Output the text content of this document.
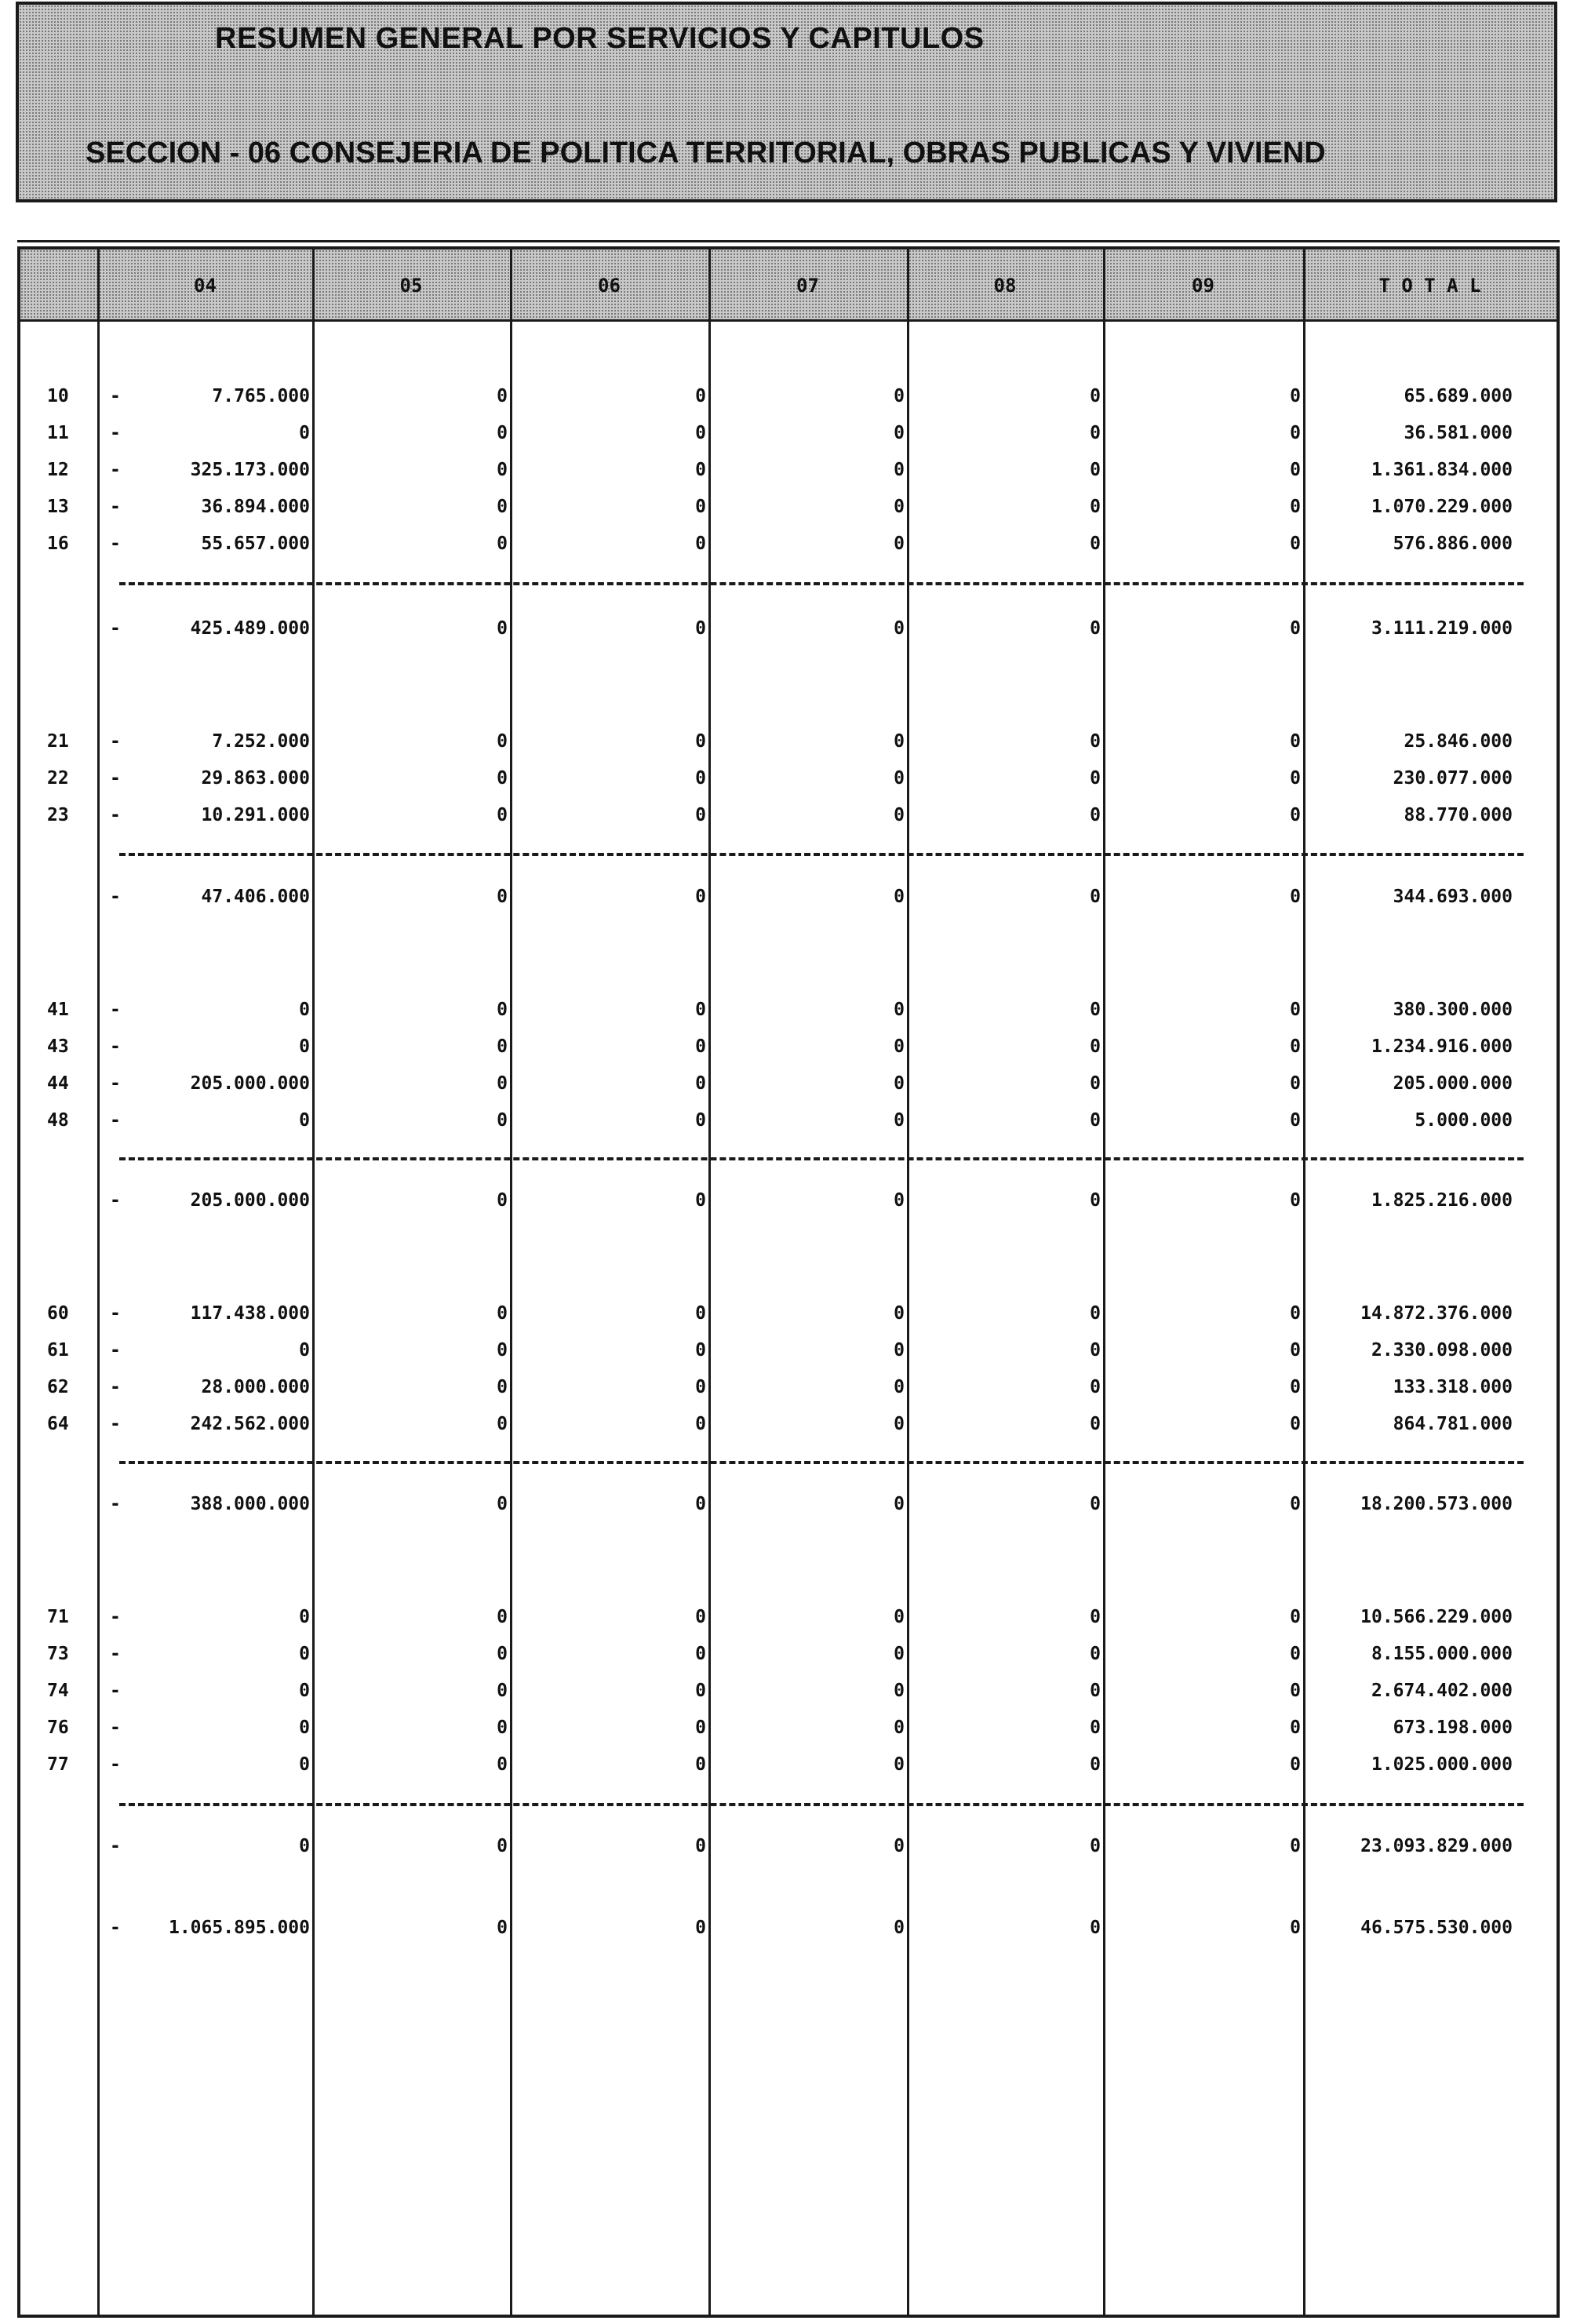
RESUMEN GENERAL POR SERVICIOS Y CAPITULOS
SECCION - 06 CONSEJERIA DE POLITICA TERRITORIAL, OBRAS PUBLICAS Y VIVIEND
04	05	06	07	08	09	T O T A L
10 -	7.765.000	0	0	0	0	0	65.689.000
11 -	0	0	0	0	0	0	36.581.000
12 -	325.173.000	0	0	0	0	0	1.361.834.000
13 -	36.894.000	0	0	0	0	0	1.070.229.000
16 -	55.657.000	0	0	0	0	0	576.886.000
-	425.489.000	0	0	0	0	0	3.111.219.000
21 -	7.252.000	0	0	0	0	0	25.846.000
22 -	29.863.000	0	0	0	0	0	230.077.000
23 -	10.291.000	0	0	0	0	0	88.770.000
-	47.406.000	0	0	0	0	0	344.693.000
41 -	0	0	0	0	0	0	380.300.000
43 -	0	0	0	0	0	0	1.234.916.000
44 -	205.000.000	0	0	0	0	0	205.000.000
48 -	0	0	0	0	0	0	5.000.000
-	205.000.000	0	0	0	0	0	1.825.216.000
60 -	117.438.000	0	0	0	0	0	14.872.376.000
61 -	0	0	0	0	0	0	2.330.098.000
62 -	28.000.000	0	0	0	0	0	133.318.000
64 -	242.562.000	0	0	0	0	0	864.781.000
-	388.000.000	0	0	0	0	0	18.200.573.000
71 -	0	0	0	0	0	0	10.566.229.000
73 -	0	0	0	0	0	0	8.155.000.000
74 -	0	0	0	0	0	0	2.674.402.000
76 -	0	0	0	0	0	0	673.198.000
77 -	0	0	0	0	0	0	1.025.000.000
-	0	0	0	0	0	0	23.093.829.000
-	1.065.895.000	0	0	0	0	0	46.575.530.000
